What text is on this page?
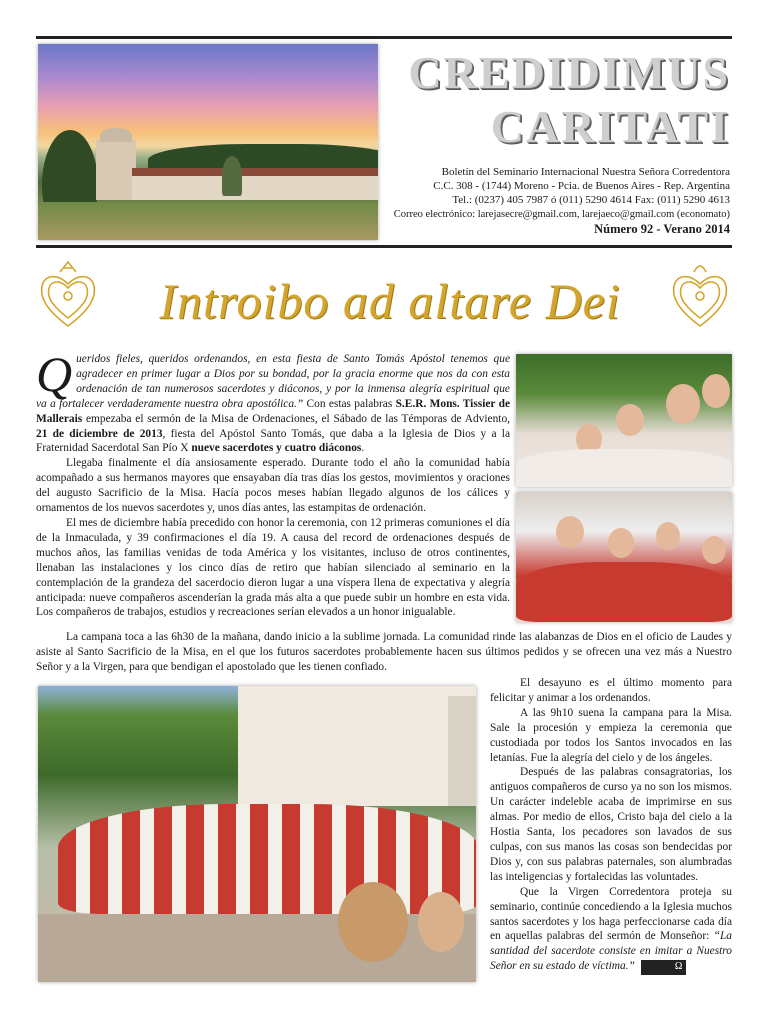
CREDIDIMUS
CARITATI
Boletín del Seminario Internacional Nuestra Señora Corredentora
C.C. 308 - (1744) Moreno - Pcia. de Buenos Aires - Rep. Argentina
Tel.: (0237) 405 7987 ó (011) 5290 4614 Fax: (011) 5290 4613
Correo electrónico: larejasecre@gmail.com, larejaeco@gmail.com (economato)
Número 92 - Verano 2014
Introibo ad altare Dei

Queridos fieles, queridos ordenandos, en esta fiesta de Santo Tomás Apóstol tenemos que agradecer en primer lugar a Dios por su bondad, por la gracia enorme que nos da con esta ordenación de tan numerosos sacerdotes y diáconos, y por la inmensa alegría espiritual que va a fortalecer verdaderamente nuestra obra apostólica.” Con estas palabras S.E.R. Mons. Tissier de Mallerais empezaba el sermón de la Misa de Ordenaciones, el Sábado de las Témporas de Adviento, 21 de diciembre de 2013, fiesta del Apóstol Santo Tomás, que daba a la Iglesia de Dios y a la Fraternidad Sacerdotal San Pío X nueve sacerdotes y cuatro diáconos.

Llegaba finalmente el día ansiosamente esperado. Durante todo el año la comunidad había acompañado a sus hermanos mayores que ensayaban día tras días los gestos, movimientos y oraciones del augusto Sacrificio de la Misa. Hacía pocos meses habían llegado algunos de los cálices y ornamentos de los nuevos sacerdotes y, unos días antes, las estampitas de ordenación.

El mes de diciembre había precedido con honor la ceremonia, con 12 primeras comuniones el día de la Inmaculada, y 39 confirmaciones el día 19. A causa del record de ordenaciones después de muchos años, las familias venidas de toda América y los visitantes, incluso de otros continentes, llenaban las instalaciones y los cinco días de retiro que habían silenciado al seminario en la contemplación de la grandeza del sacerdocio dieron lugar a una víspera llena de expectativa y alegría anticipada: nueve compañeros ascenderían la grada más alta a que puede subir un hombre en esta vida. Los compañeros de trabajos, estudios y recreaciones serían elevados a un honor inigualable.

La campana toca a las 6h30 de la mañana, dando inicio a la sublime jornada. La comunidad rinde las alabanzas de Dios en el oficio de Laudes y asiste al Santo Sacrificio de la Misa, en el que los futuros sacerdotes probablemente hacen sus últimos pedidos y se ofrecen una vez más a Nuestro Señor y a la Virgen, para que bendigan el apostolado que les tienen confiado.

El desayuno es el último momento para felicitar y animar a los ordenandos.

A las 9h10 suena la campana para la Misa. Sale la procesión y empieza la ceremonia que custodiada por todos los Santos invocados en las letanías. Fue la alegría del cielo y de los ángeles.

Después de las palabras consagratorias, los antiguos compañeros de curso ya no son los mismos. Un carácter indeleble acaba de imprimirse en sus almas. Por medio de ellos, Cristo baja del cielo a la Hostia Santa, los pecadores son lavados de sus culpas, con sus manos las cosas son bendecidas por Dios y, con sus palabras paternales, son alumbradas las inteligencias y fortalecidas las voluntades.

Que la Virgen Corredentora proteja su seminario, continúe concediendo a la Iglesia muchos santos sacerdotes y los haga perfeccionarse cada día en aquellas palabras del sermón de Monseñor: “La santidad del sacerdote consiste en imitar a Nuestro Señor en su estado de víctima.”	Ω
